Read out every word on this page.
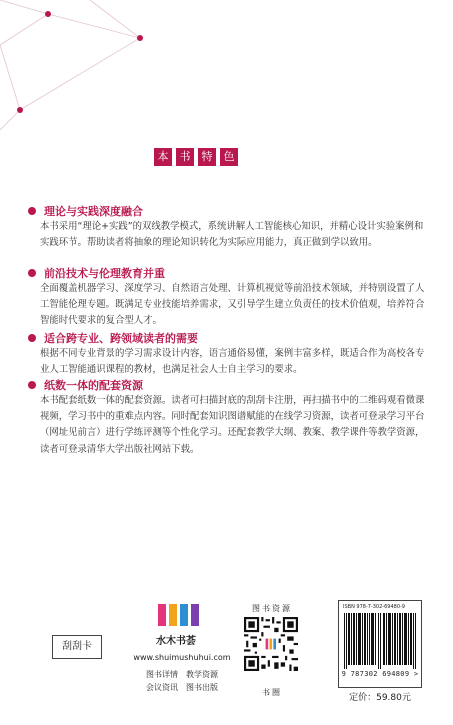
本	书	特	色
理论与实践深度融合

本书采用“理论+实践”的双线教学模式，系统讲解人工智能核心知识，并精心设计实验案例和实践环节。帮助读者将抽象的理论知识转化为实际应用能力，真正做到学以致用。

前沿技术与伦理教育并重

全面覆盖机器学习、深度学习、自然语言处理、计算机视觉等前沿技术领域，并特别设置了人工智能伦理专题。既满足专业技能培养需求，又引导学生建立负责任的技术价值观，培养符合智能时代要求的复合型人才。

适合跨专业、跨领域读者的需要

根据不同专业背景的学习需求设计内容，语言通俗易懂，案例丰富多样，既适合作为高校各专业人工智能通识课程的教材，也满足社会人士自主学习的要求。

纸数一体的配套资源

本书配套纸数一体的配套资源。读者可扫描封底的刮刮卡注册，再扫描书中的二维码观看微课视频，学习书中的重难点内容。同时配套知识图谱赋能的在线学习资源，读者可登录学习平台（网址见前言）进行学练评测等个性化学习。还配套教学大纲、教案、教学课件等教学资源，读者可登录清华大学出版社网站下载。

刮刮卡	水木书荟
www.shuimushuhui.com
图书详情 教学资源
会议资讯 图书出版
图书资源
书圈
ISBN 978-7-302-69480-9
9 787302 694809 >
定价：59.80元
